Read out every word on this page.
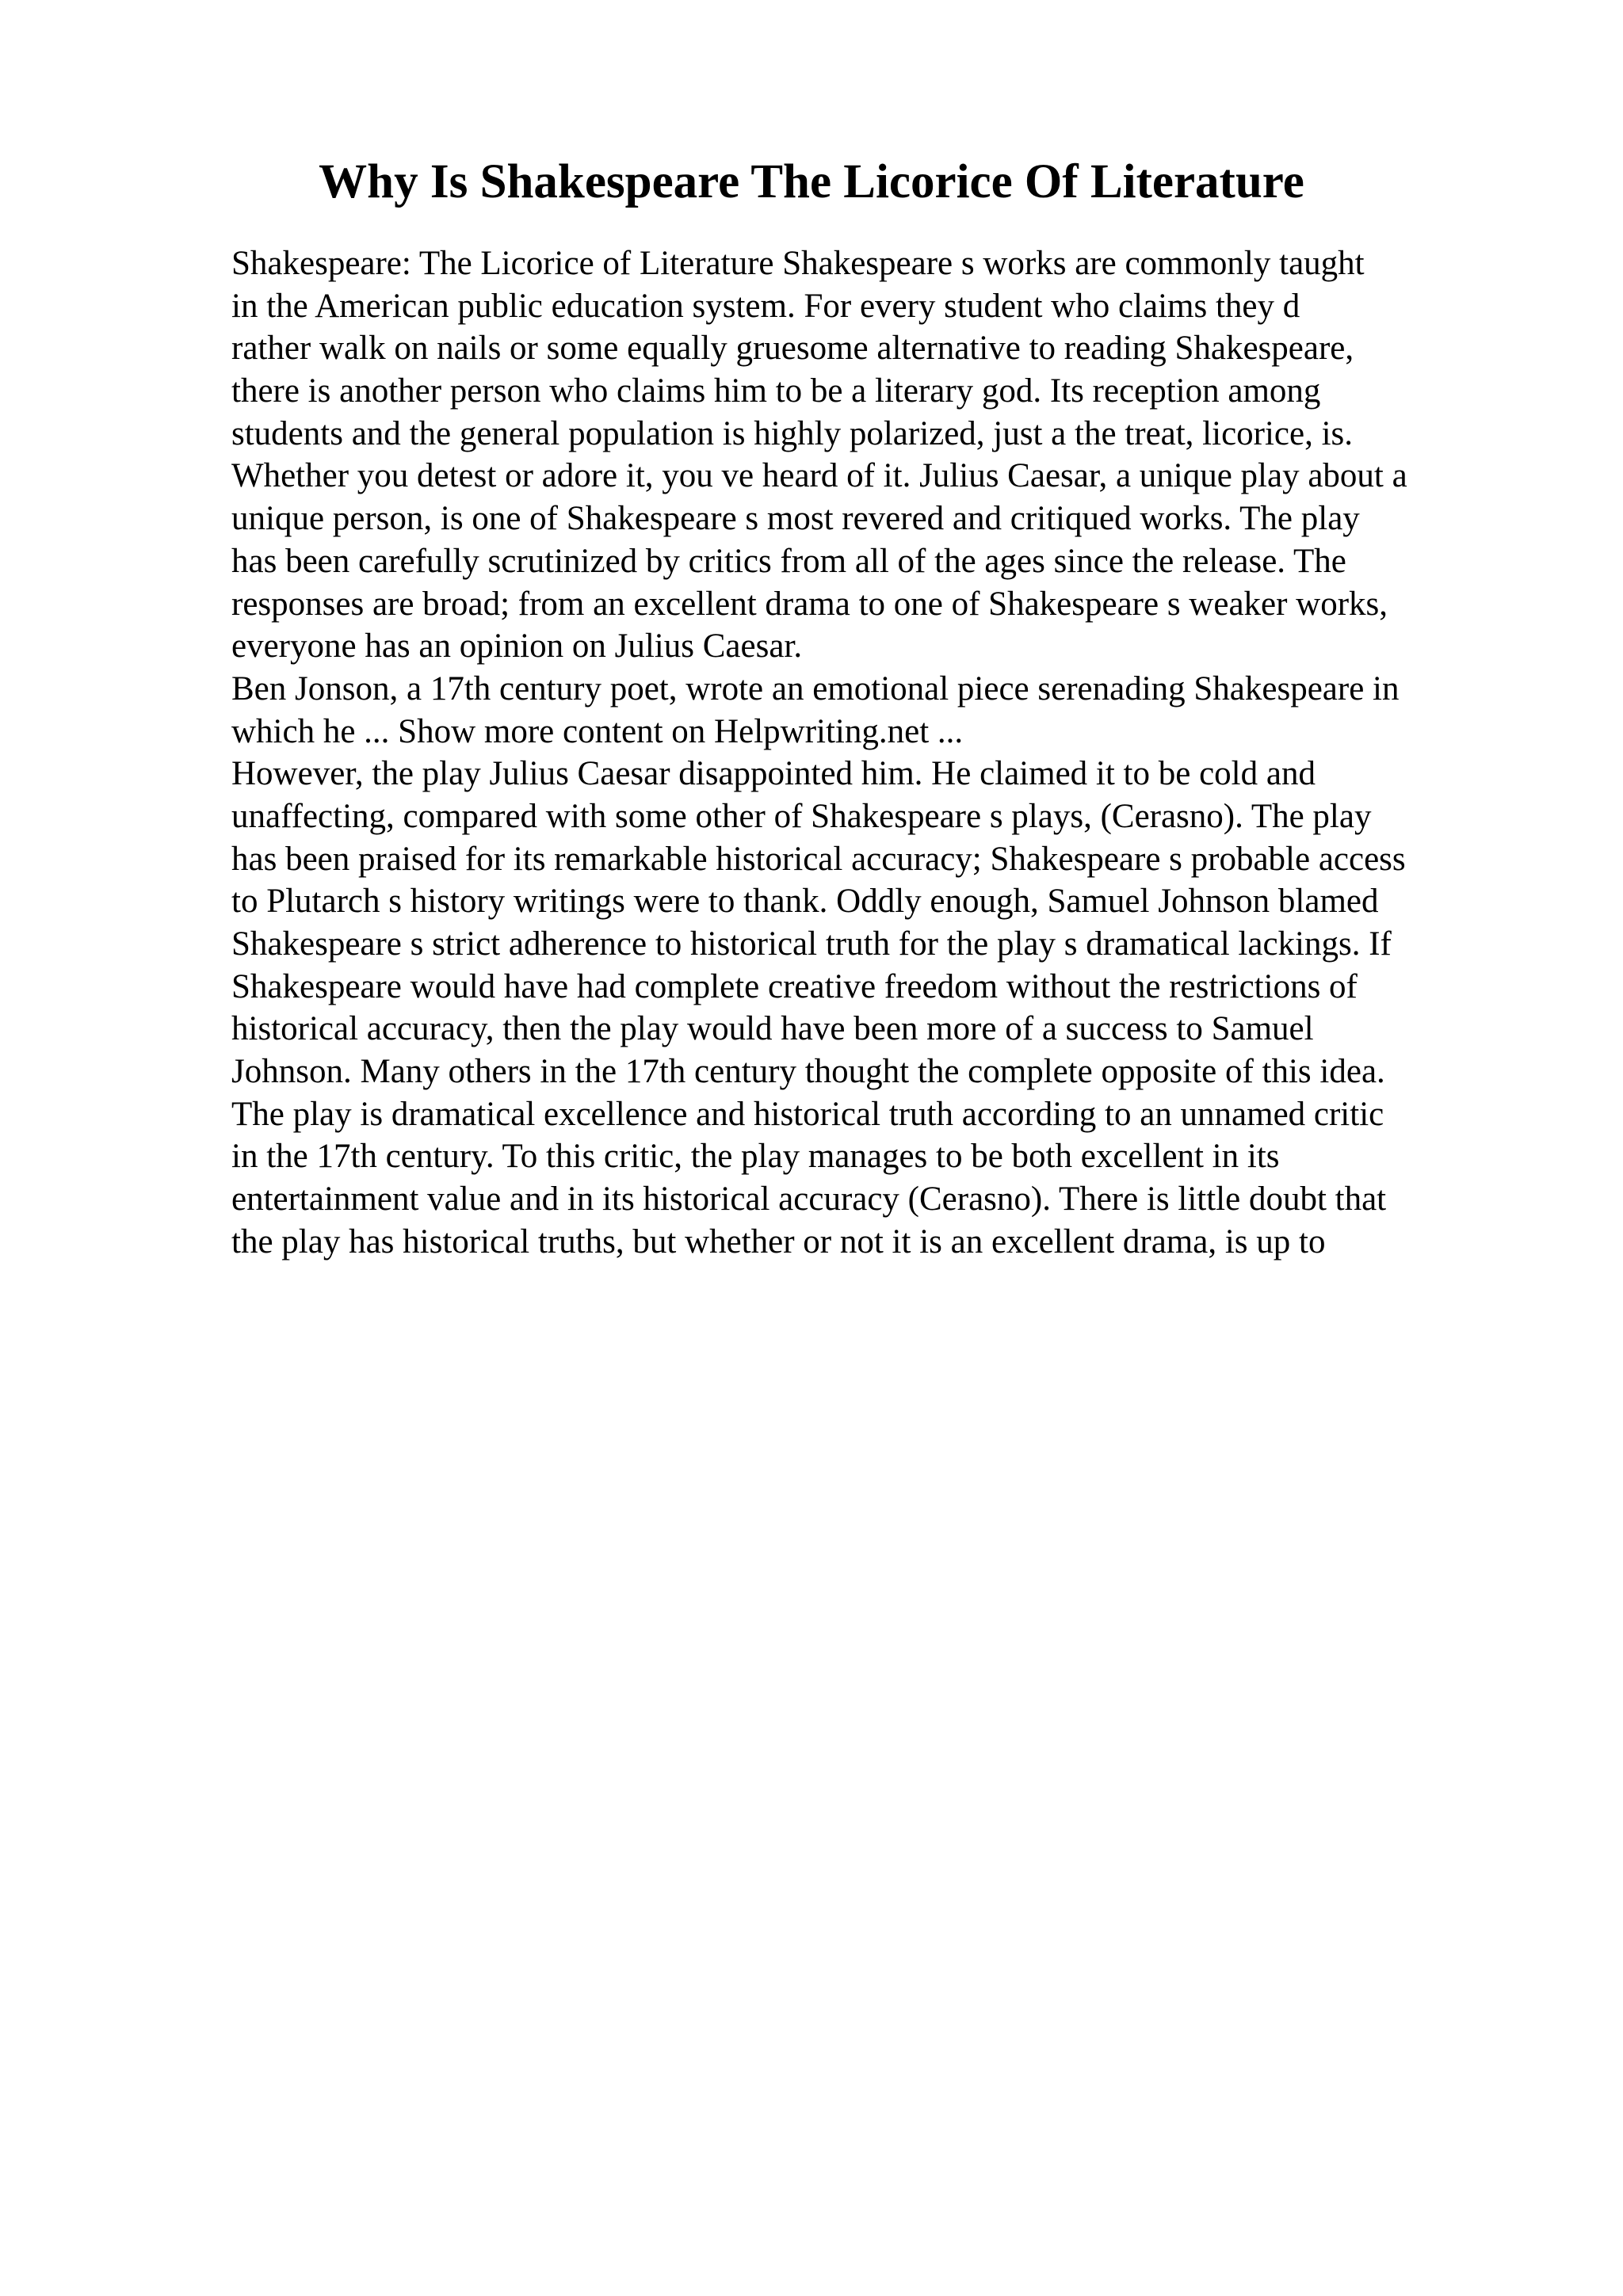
Why Is Shakespeare The Licorice Of Literature
Shakespeare: The Licorice of Literature Shakespeare s works are commonly taught
in the American public education system. For every student who claims they d
rather walk on nails or some equally gruesome alternative to reading Shakespeare,
there is another person who claims him to be a literary god. Its reception among
students and the general population is highly polarized, just a the treat, licorice, is.
Whether you detest or adore it, you ve heard of it. Julius Caesar, a unique play about a
unique person, is one of Shakespeare s most revered and critiqued works. The play
has been carefully scrutinized by critics from all of the ages since the release. The
responses are broad; from an excellent drama to one of Shakespeare s weaker works,
everyone has an opinion on Julius Caesar.
Ben Jonson, a 17th century poet, wrote an emotional piece serenading Shakespeare in
which he ... Show more content on Helpwriting.net ...
However, the play Julius Caesar disappointed him. He claimed it to be cold and
unaffecting, compared with some other of Shakespeare s plays, (Cerasno). The play
has been praised for its remarkable historical accuracy; Shakespeare s probable access
to Plutarch s history writings were to thank. Oddly enough, Samuel Johnson blamed
Shakespeare s strict adherence to historical truth for the play s dramatical lackings. If
Shakespeare would have had complete creative freedom without the restrictions of
historical accuracy, then the play would have been more of a success to Samuel
Johnson. Many others in the 17th century thought the complete opposite of this idea.
The play is dramatical excellence and historical truth according to an unnamed critic
in the 17th century. To this critic, the play manages to be both excellent in its
entertainment value and in its historical accuracy (Cerasno). There is little doubt that
the play has historical truths, but whether or not it is an excellent drama, is up to
